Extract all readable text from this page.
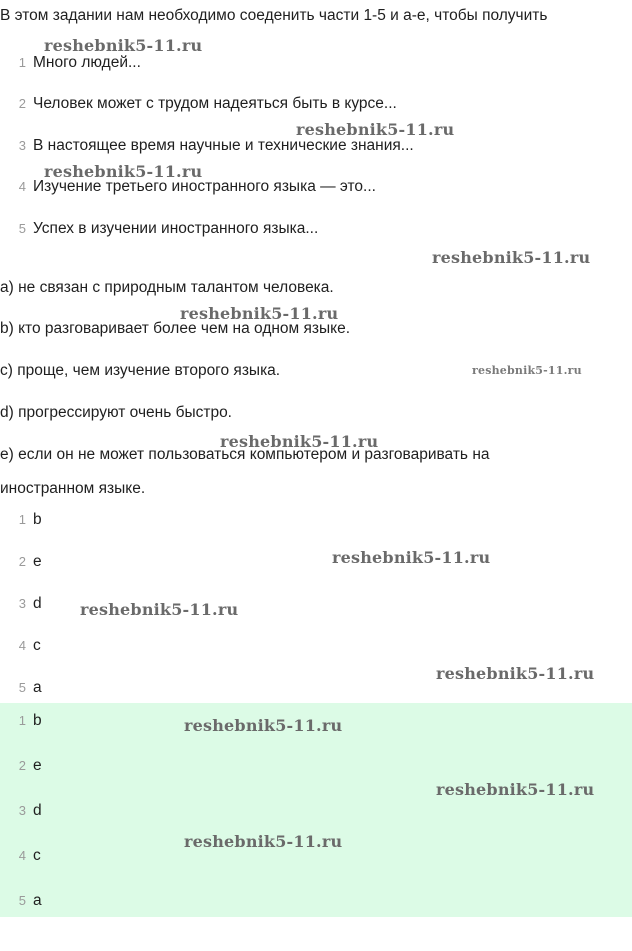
В этом задании нам необходимо соеденить части 1-5 и a-e, чтобы получить
1 Много людей...
2 Человек может с трудом надеяться быть в курсе...
3 В настоящее время научные и технические знания...
4 Изучение третьего иностранного языка — это...
5 Успех в изучении иностранного языка...
a) не связан с природным талантом человека.
b) кто разговаривает более чем на одном языке.
c) проще, чем изучение второго языка.
d) прогрессируют очень быстро.
e) если он не может пользоваться компьютером и разговаривать на
иностранном языке.
1 b
2 e
3 d
4 c
5 a
1 b
2 e
3 d
4 c
5 a
reshebnik5-11.ru
reshebnik5-11.ru
reshebnik5-11.ru
reshebnik5-11.ru
reshebnik5-11.ru
reshebnik5-11.ru
reshebnik5-11.ru
reshebnik5-11.ru
reshebnik5-11.ru
reshebnik5-11.ru
reshebnik5-11.ru
reshebnik5-11.ru
reshebnik5-11.ru
